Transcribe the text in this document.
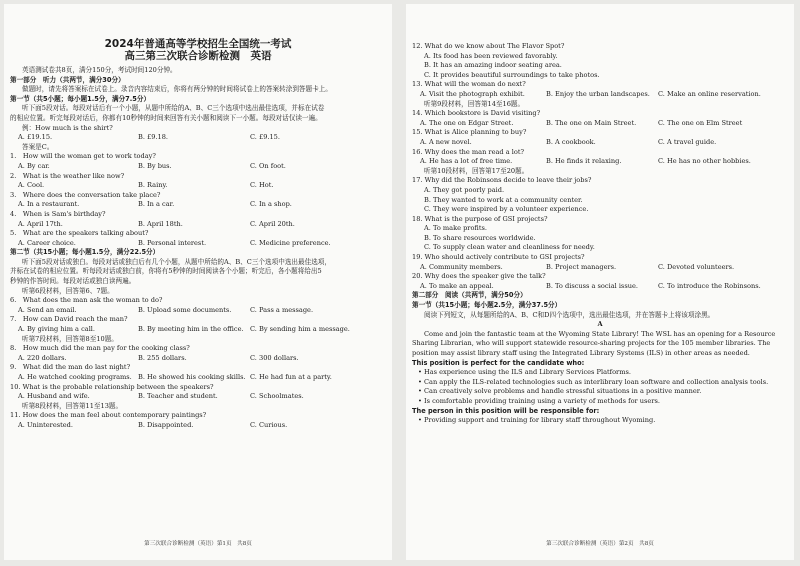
2024年普通高等学校招生全国统一考试
高三第三次联合诊断检测　英语

英语测试卷共8页，满分150分，考试时间120分钟。

第一部分　听力（共两节，满分30分）

做题时，请先将答案标在试卷上。录音内容结束后，你将有两分钟的时间将试卷上的答案转涂到答题卡上。

第一节（共5小题；每小题1.5分，满分7.5分）

听下面5段对话。每段对话后有一个小题，从题中所给的A、B、C三个选项中选出最佳选项，并标在试卷

的相应位置。听完每段对话后，你都有10秒钟的时间来回答有关小题和阅读下一小题。每段对话仅读一遍。

例：How much is the shirt?
A. £19.15.	B. £9.18.	C. £9.15.
答案是C。
1.　How will the woman get to work today?
A. By car.	B. By bus.	C. On foot.
2.　What is the weather like now?
A. Cool.	B. Rainy.	C. Hot.
3.　Where does the conversation take place?
A. In a restaurant.	B. In a car.	C. In a shop.
4.　When is Sam's birthday?
A. April 17th.	B. April 18th.	C. April 20th.
5.　What are the speakers talking about?
A. Career choice.	B. Personal interest.	C. Medicine preference.
第二节（共15小题；每小题1.5分，满分22.5分）

听下面5段对话或独白。每段对话或独白后有几个小题，从题中所给的A、B、C三个选项中选出最佳选项，

并标在试卷的相应位置。听每段对话或独白前，你将有5秒钟的时间阅读各个小题；听完后，各小题将给出5

秒钟的作答时间。每段对话或独白读两遍。

听第6段材料，回答第6、7题。
6.　What does the man ask the woman to do?
A. Send an email.	B. Upload some documents.	C. Pass a message.
7.　How can David reach the man?
A. By giving him a call.	B. By meeting him in the office. C. By sending him a message.
听第7段材料，回答第8至10题。
8.　How much did the man pay for the cooking class?
A. 220 dollars.	B. 255 dollars.	C. 300 dollars.
9.　What did the man do last night?
A. He watched cooking programs. B. He showed his cooking skills. C. He had fun at a party.
10. What is the probable relationship between the speakers?
A. Husband and wife.	B. Teacher and student.	C. Schoolmates.
听第8段材料，回答第11至13题。
11. How does the man feel about contemporary paintings?
A. Uninterested.	B. Disappointed.	C. Curious.
第三次联合诊断检测（英语）第1页　共8页
12. What do we know about The Flavor Spot?
A. Its food has been reviewed favorably.
B. It has an amazing indoor seating area.
C. It provides beautiful surroundings to take photos.
13. What will the woman do next?
A. Visit the photograph exhibit.	B. Enjoy the urban landscapes.	C. Make an online reservation.
听第9段材料，回答第14至16题。
14. Which bookstore is David visiting?
A. The one on Edgar Street.	B. The one on Main Street.	C. The one on Elm Street
15. What is Alice planning to buy?
A. A new novel.	B. A cookbook.	C. A travel guide.
16. Why does the man read a lot?
A. He has a lot of free time.	B. He finds it relaxing.	C. He has no other hobbies.
听第10段材料，回答第17至20题。
17. Why did the Robinsons decide to leave their jobs?
A. They got poorly paid.
B. They wanted to work at a community center.
C. They were inspired by a volunteer experience.
18. What is the purpose of GSI projects?
A. To make profits.
B. To share resources worldwide.
C. To supply clean water and cleanliness for needy.
19. Who should actively contribute to GSI projects?
A. Community members.	B. Project managers.	C. Devoted volunteers.
20. Why does the speaker give the talk?
A. To make an appeal.	B. To discuss a social issue.	C. To introduce the Robinsons.
第二部分　阅读（共两节，满分50分）
第一节（共15小题；每小题2.5分，满分37.5分）

阅读下列短文，从每题所给的A、B、C和D四个选项中，选出最佳选项，并在答题卡上将该项涂黑。

A

Come and join the fantastic team at the Wyoming State Library! The WSL has an opening for a Resource Sharing Librarian, who will support statewide resource-sharing projects for the 105 member libraries. The position may assist library staff using the Integrated Library Systems (ILS) in other areas as needed.

This position is perfect for the candidate who:
• Has experience using the ILS and Library Services Platforms.
• Can apply the ILS-related technologies such as interlibrary loan software and collection analysis tools.
• Can creatively solve problems and handle stressful situations in a positive manner.
• Is comfortable providing training using a variety of methods for users.
The person in this position will be responsible for:
• Providing support and training for library staff throughout Wyoming.
第三次联合诊断检测（英语）第2页　共8页
